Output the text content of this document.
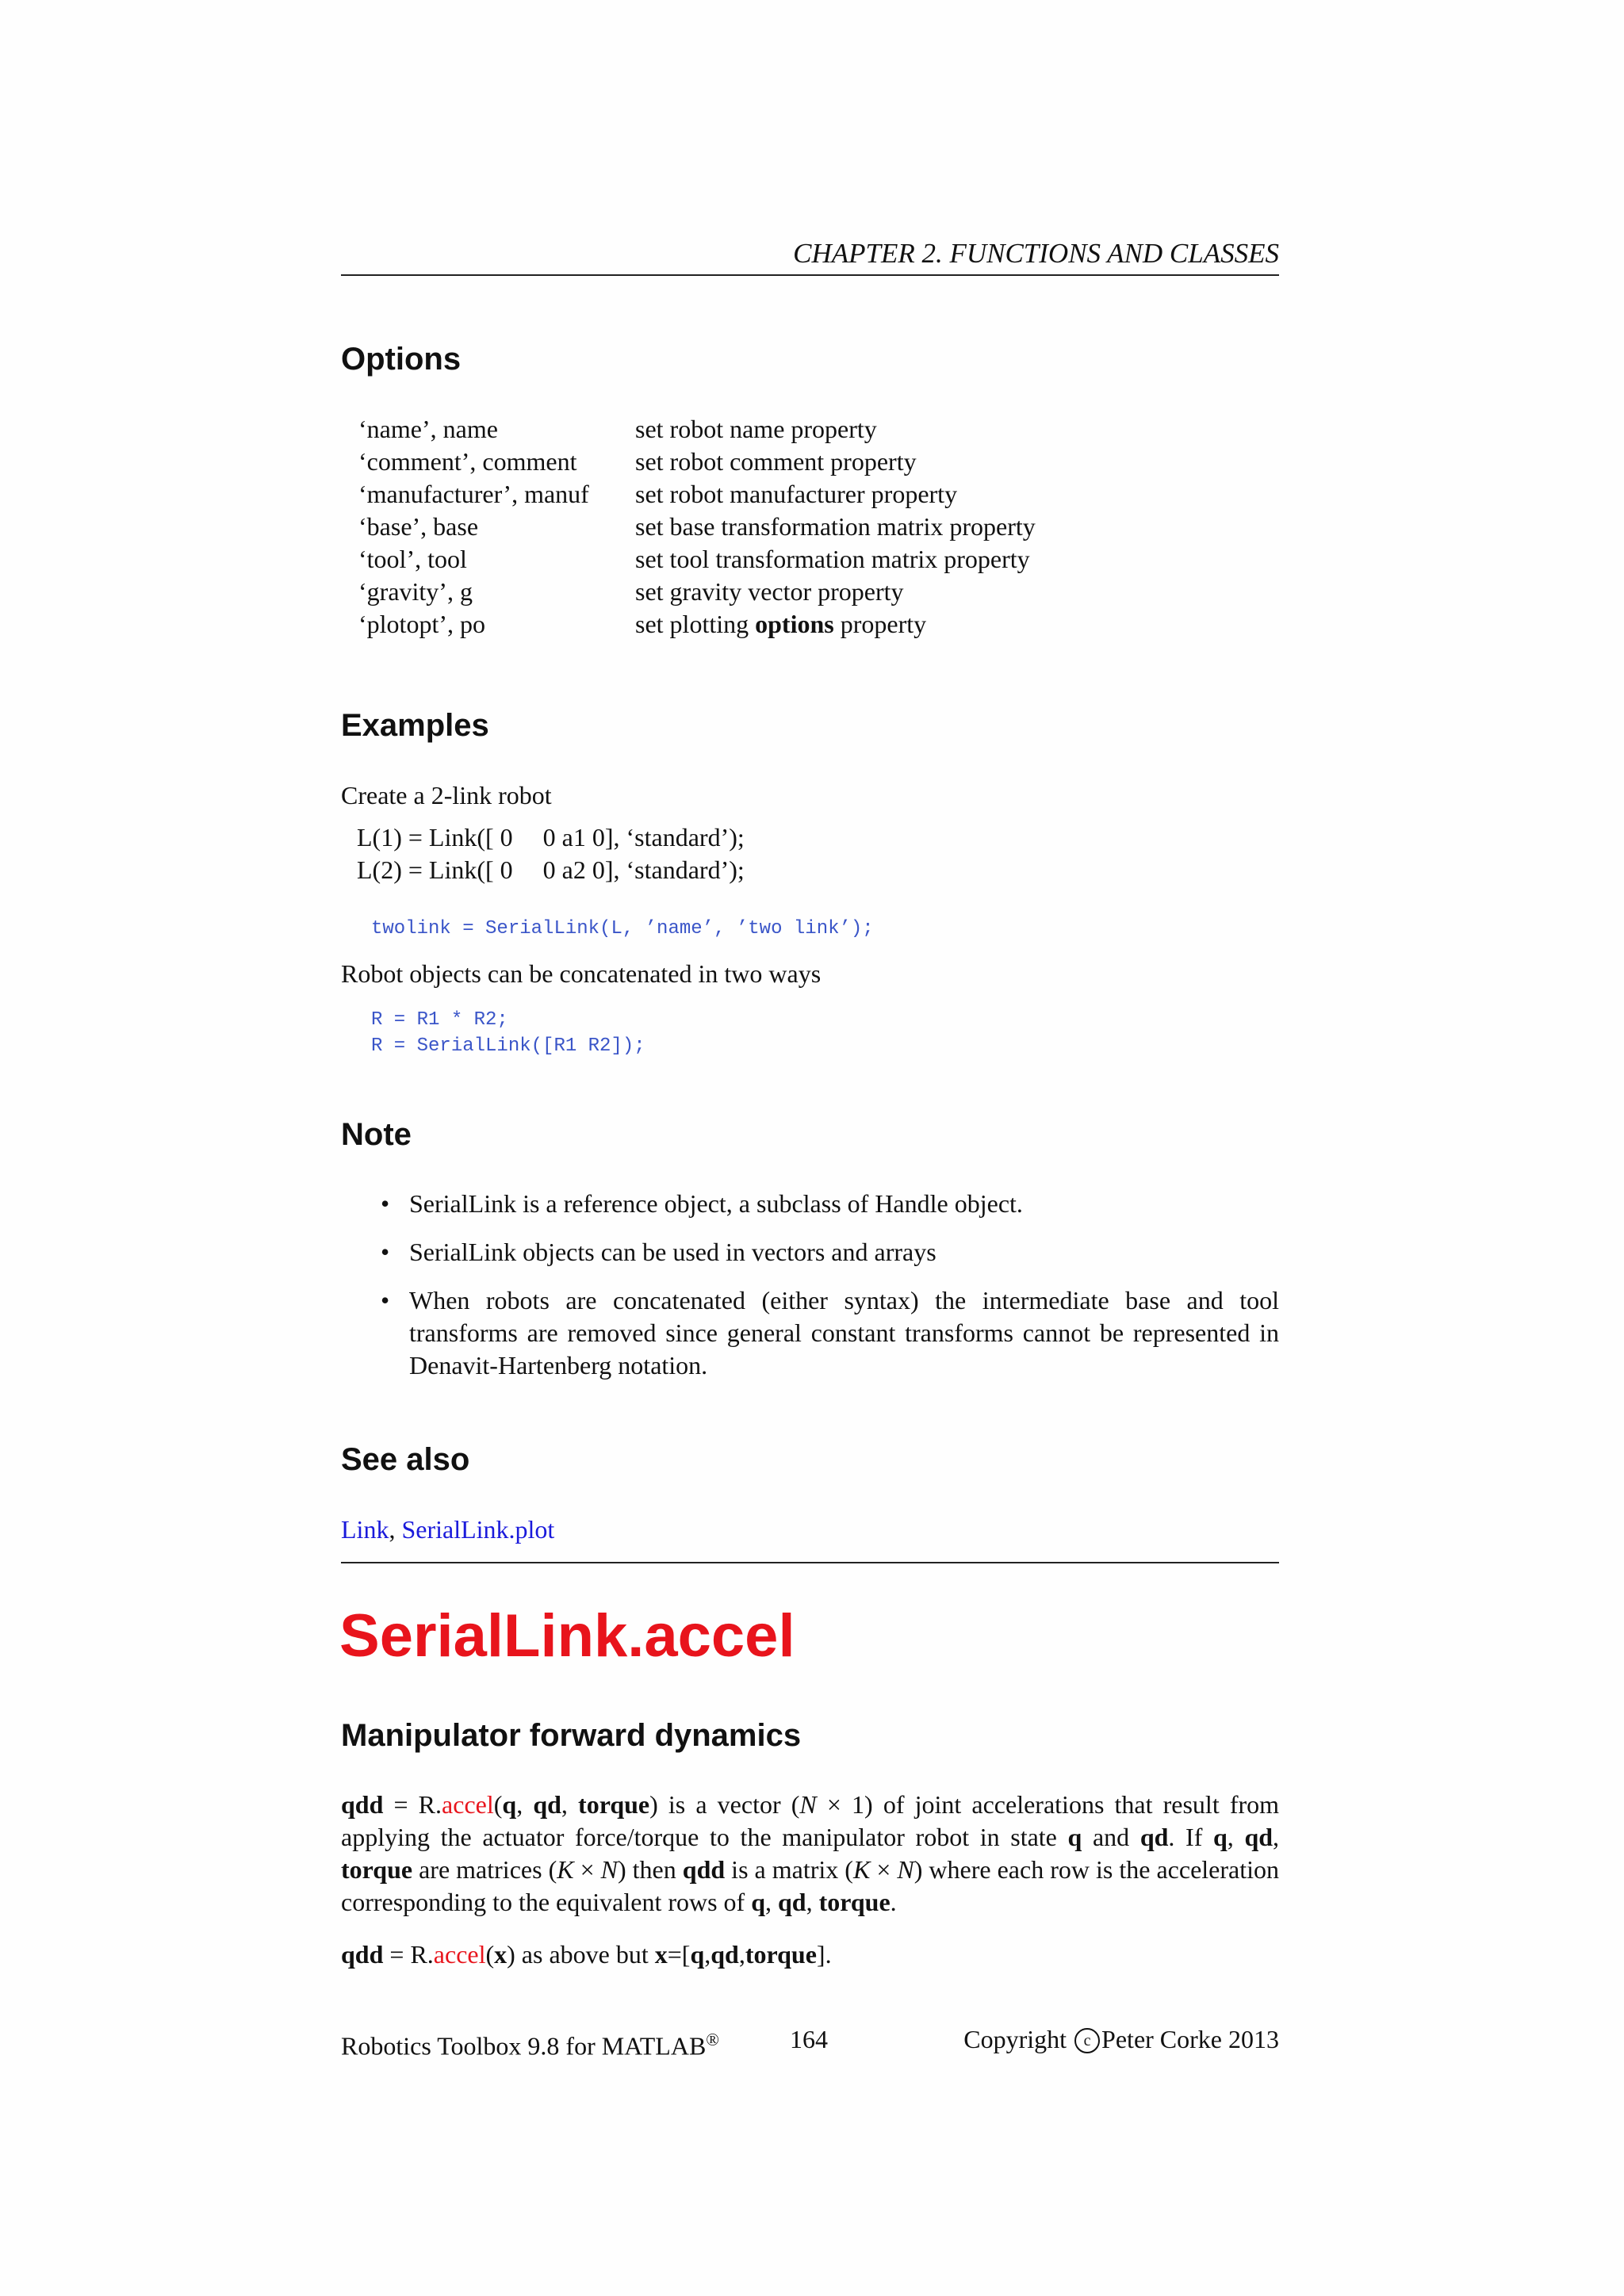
CHAPTER 2. FUNCTIONS AND CLASSES
Options
‘name’, name	set robot name property
‘comment’, comment	set robot comment property
‘manufacturer’, manuf	set robot manufacturer property
‘base’, base	set base transformation matrix property
‘tool’, tool	set tool transformation matrix property
‘gravity’, g	set gravity vector property
‘plotopt’, po	set plotting options property
Examples
Create a 2-link robot
L(1) = Link([ 0 0 a1 0], ‘standard’);
L(2) = Link([ 0 0 a2 0], ‘standard’);
twolink = SerialLink(L, ’name’, ’two link’);
Robot objects can be concatenated in two ways
R = R1 * R2;
R = SerialLink([R1 R2]);
Note
• SerialLink is a reference object, a subclass of Handle object.
• SerialLink objects can be used in vectors and arrays
• When robots are concatenated (either syntax) the intermediate base and tool transforms are removed since general constant transforms cannot be represented in Denavit-Hartenberg notation.
See also
Link, SerialLink.plot
SerialLink.accel
Manipulator forward dynamics
qdd = R.accel(q, qd, torque) is a vector (N × 1) of joint accelerations that result from applying the actuator force/torque to the manipulator robot in state q and qd. If q, qd, torque are matrices (K × N) then qdd is a matrix (K × N) where each row is the acceleration corresponding to the equivalent rows of q, qd, torque.
qdd = R.accel(x) as above but x=[q,qd,torque].
Robotics Toolbox 9.8 for MATLAB®	164	Copyright c Peter Corke 2013
